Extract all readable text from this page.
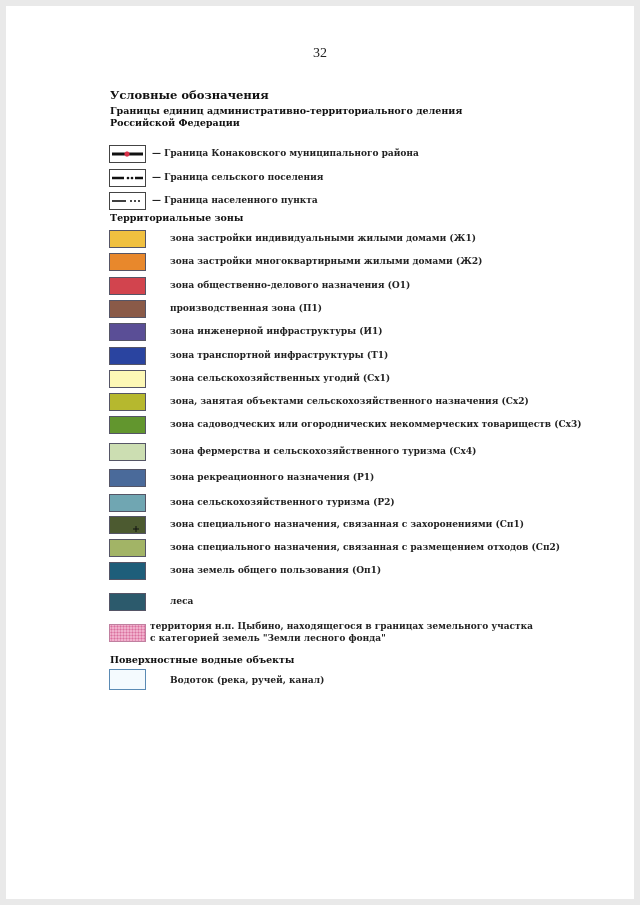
32
Условные обозначения
Границы единиц административно-территориального деления
Российской Федерации
— Граница Конаковского муниципального района
— Граница сельского поселения
— Граница населенного пункта
Территориальные зоны
зона застройки индивидуальными жилыми домами (Ж1)
зона застройки многоквартирными жилыми домами (Ж2)
зона общественно-делового назначения (О1)
производственная зона (П1)
зона инженерной инфраструктуры (И1)
зона транспортной инфраструктуры (Т1)
зона сельскохозяйственных угодий (Сх1)
зона, занятая объектами сельскохозяйственного назначения (Сх2)
зона садоводческих или огороднических некоммерческих товариществ (Сх3)
зона фермерства и сельскохозяйственного туризма (Сх4)
зона рекреационного назначения (Р1)
зона сельскохозяйственного туризма (Р2)
зона специального назначения, связанная с захоронениями (Сп1)
зона специального назначения, связанная с размещением отходов (Сп2)
зона земель общего пользования (Оп1)
леса
территория н.п. Цыбино, находящегося в границах земельного участка
с категорией земель "Земли лесного фонда"
Поверхностные водные объекты
Водоток (река, ручей, канал)
